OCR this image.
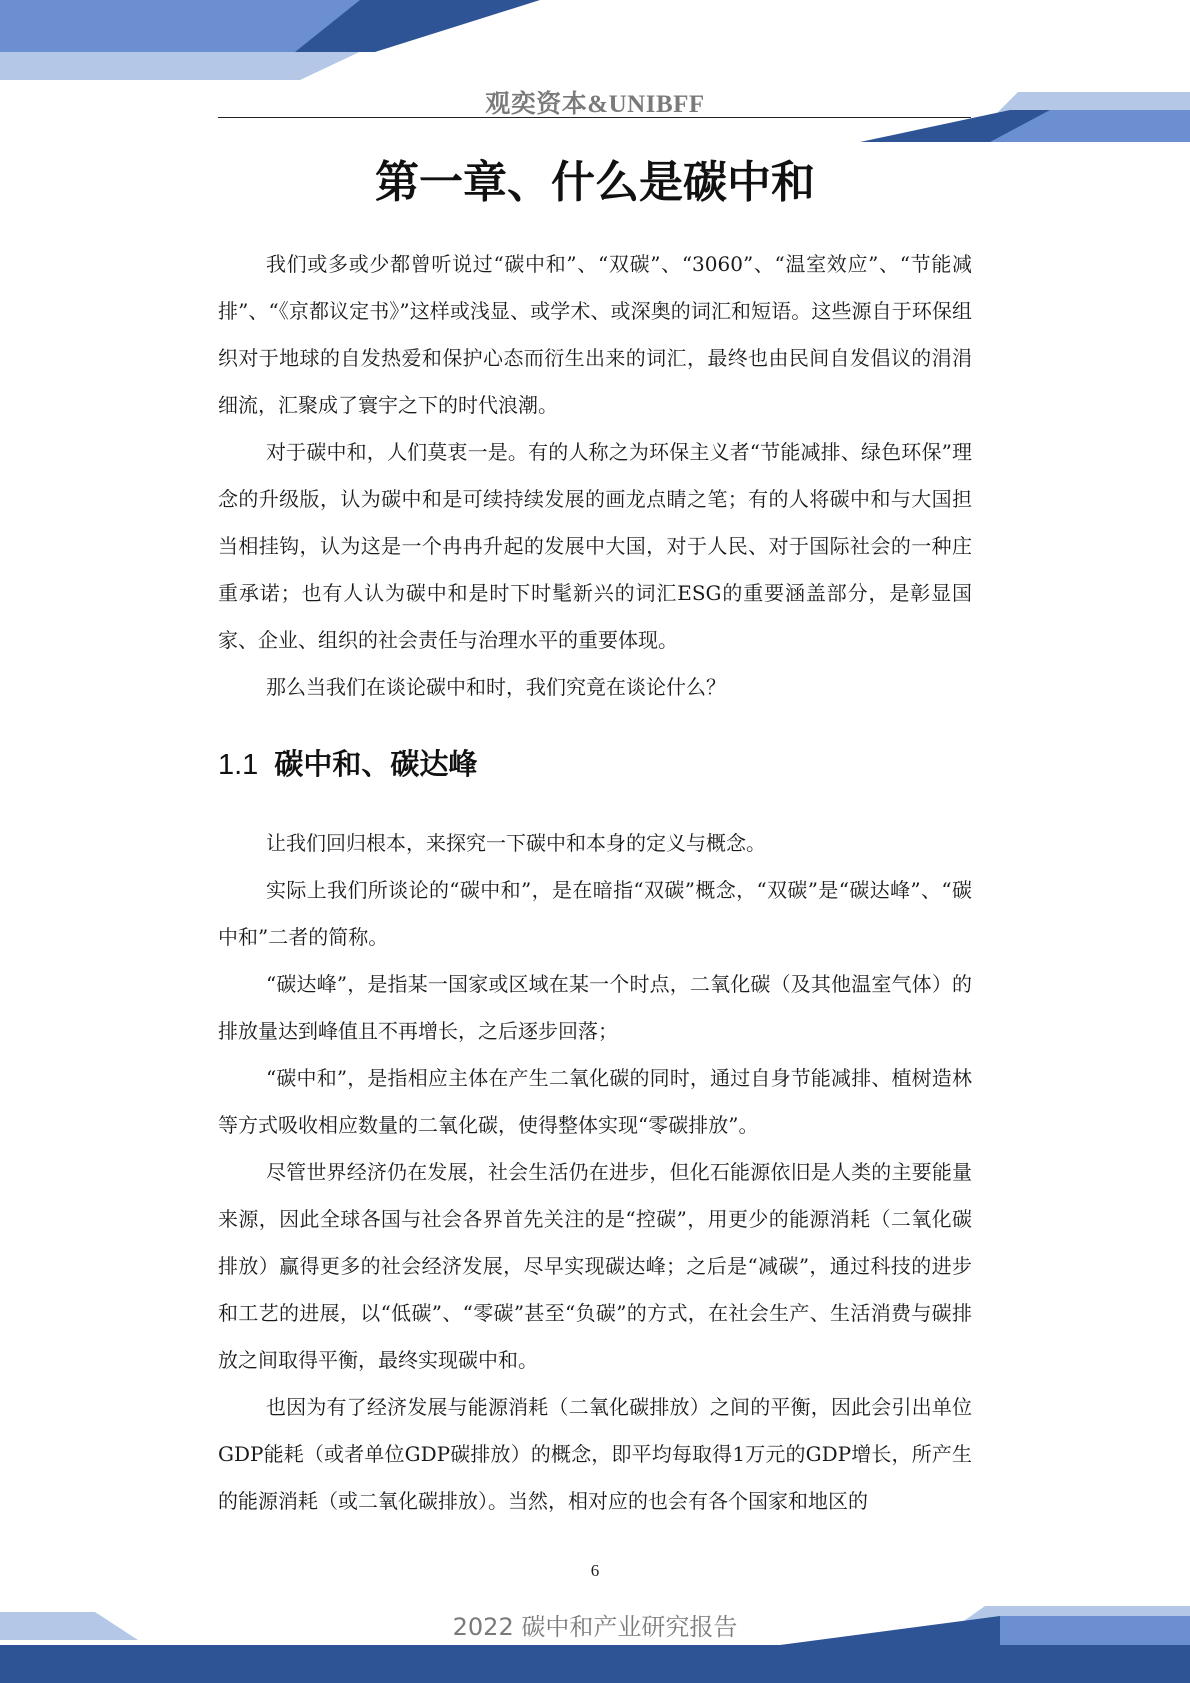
观奕资本&UNIBFF
第一章、什么是碳中和

我们或多或少都曾听说过“碳中和”、“双碳”、“3060”、“温室效应”、“节能减排”、“《京都议定书》”这样或浅显、或学术、或深奥的词汇和短语。这些源自于环保组织对于地球的自发热爱和保护心态而衍生出来的词汇，最终也由民间自发倡议的涓涓细流，汇聚成了寰宇之下的时代浪潮。

对于碳中和，人们莫衷一是。有的人称之为环保主义者“节能减排、绿色环保”理念的升级版，认为碳中和是可续持续发展的画龙点睛之笔；有的人将碳中和与大国担当相挂钩，认为这是一个冉冉升起的发展中大国，对于人民、对于国际社会的一种庄重承诺；也有人认为碳中和是时下时髦新兴的词汇ESG的重要涵盖部分，是彰显国家、企业、组织的社会责任与治理水平的重要体现。

那么当我们在谈论碳中和时，我们究竟在谈论什么？

1.1 碳中和、碳达峰

让我们回归根本，来探究一下碳中和本身的定义与概念。

实际上我们所谈论的“碳中和”，是在暗指“双碳”概念，“双碳”是“碳达峰”、“碳中和”二者的简称。

“碳达峰”，是指某一国家或区域在某一个时点，二氧化碳（及其他温室气体）的排放量达到峰值且不再增长，之后逐步回落；

“碳中和”，是指相应主体在产生二氧化碳的同时，通过自身节能减排、植树造林等方式吸收相应数量的二氧化碳，使得整体实现“零碳排放”。

尽管世界经济仍在发展，社会生活仍在进步，但化石能源依旧是人类的主要能量来源，因此全球各国与社会各界首先关注的是“控碳”，用更少的能源消耗（二氧化碳排放）赢得更多的社会经济发展，尽早实现碳达峰；之后是“减碳”，通过科技的进步和工艺的进展，以“低碳”、“零碳”甚至“负碳”的方式，在社会生产、生活消费与碳排放之间取得平衡，最终实现碳中和。

也因为有了经济发展与能源消耗（二氧化碳排放）之间的平衡，因此会引出单位GDP能耗（或者单位GDP碳排放）的概念，即平均每取得1万元的GDP增长，所产生的能源消耗（或二氧化碳排放）。当然，相对应的也会有各个国家和地区的

6
2022 碳中和产业研究报告
